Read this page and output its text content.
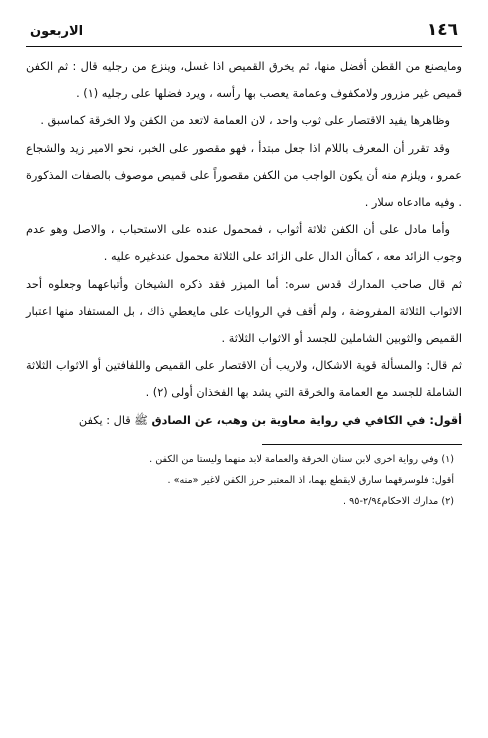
١٤٦
الاربعون

ومايصنع من القطن أفضل منها، ثم يخرق القميص اذا غسل، وينزع من رجليه قال : ثم الكفن قميص غير مزرور ولامكفوف وعمامة يعصب بها رأسه ، ويرد فضلها على رجليه (١) .

وظاهرها يفيد الاقتصار على ثوب واحد ، لان العمامة لاتعد من الكفن ولا الخرقة كماسبق .

وقد تقرر أن المعرف باللام اذا جعل مبتدأ ، فهو مقصور على الخبر، نحو الامير زيد والشجاع عمرو ، ويلزم منه أن يكون الواجب من الكفن مقصوراً على قميص موصوف بالصفات المذكورة . وفيه ماادعاه سلار .

وأما مادل على أن الكفن ثلاثة أثواب ، فمحمول عنده على الاستحباب ، والاصل وهو عدم وجوب الزائد معه ، كماأن الدال على الزائد على الثلاثة محمول عندغيره عليه .

ثم قال صاحب المدارك قدس سره: أما الميزر فقد ذكره الشيخان وأتباعهما وجعلوه أحد الاثواب الثلاثة المفروضة ، ولم أقف في الروايات على مايعطي ذاك ، بل المستفاد منها اعتبار القميص والثوبين الشاملين للجسد أو الاثواب الثلاثة .

ثم قال: والمسألة قوية الاشكال، ولاريب أن الاقتصار على القميص واللفافتين أو الاثواب الثلاثة الشاملة للجسد مع العمامة والخرقة التي يشد بها الفخذان أولى (٢) .

أقول: في الكافي في رواية معاوية بن وهب، عن الصادق ﷺ قال : يكفن

(١) وفي رواية اخرى لابن سنان الخرقة والعمامة لابد منهما وليستا من الكفن .

أقول: فلوسرقهما سارق لايقطع بهما، اذ المعتبر حرز الكفن لاغير «منه» .

(٢) مدارك الاحكام٢/٩٤-٩٥ .
